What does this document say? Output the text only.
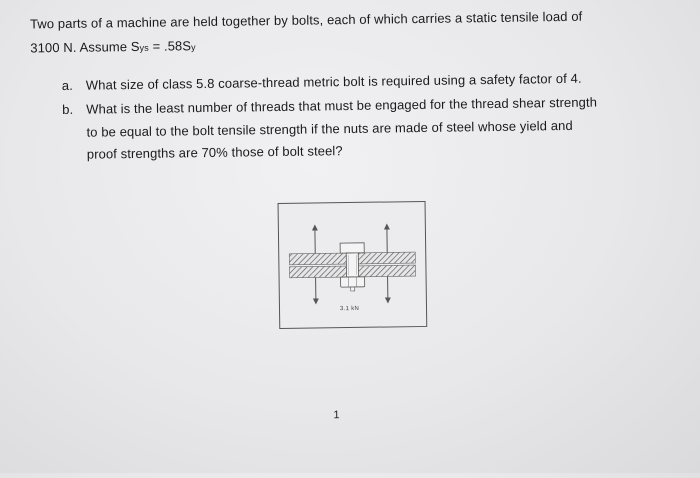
Two parts of a machine are held together by bolts, each of which carries a static tensile load of
3100 N. Assume Sys = .58Sy
a. What size of class 5.8 coarse-thread metric bolt is required using a safety factor of 4.
b. What is the least number of threads that must be engaged for the thread shear strength
to be equal to the bolt tensile strength if the nuts are made of steel whose yield and
proof strengths are 70% those of bolt steel?
3.1 kN
1
